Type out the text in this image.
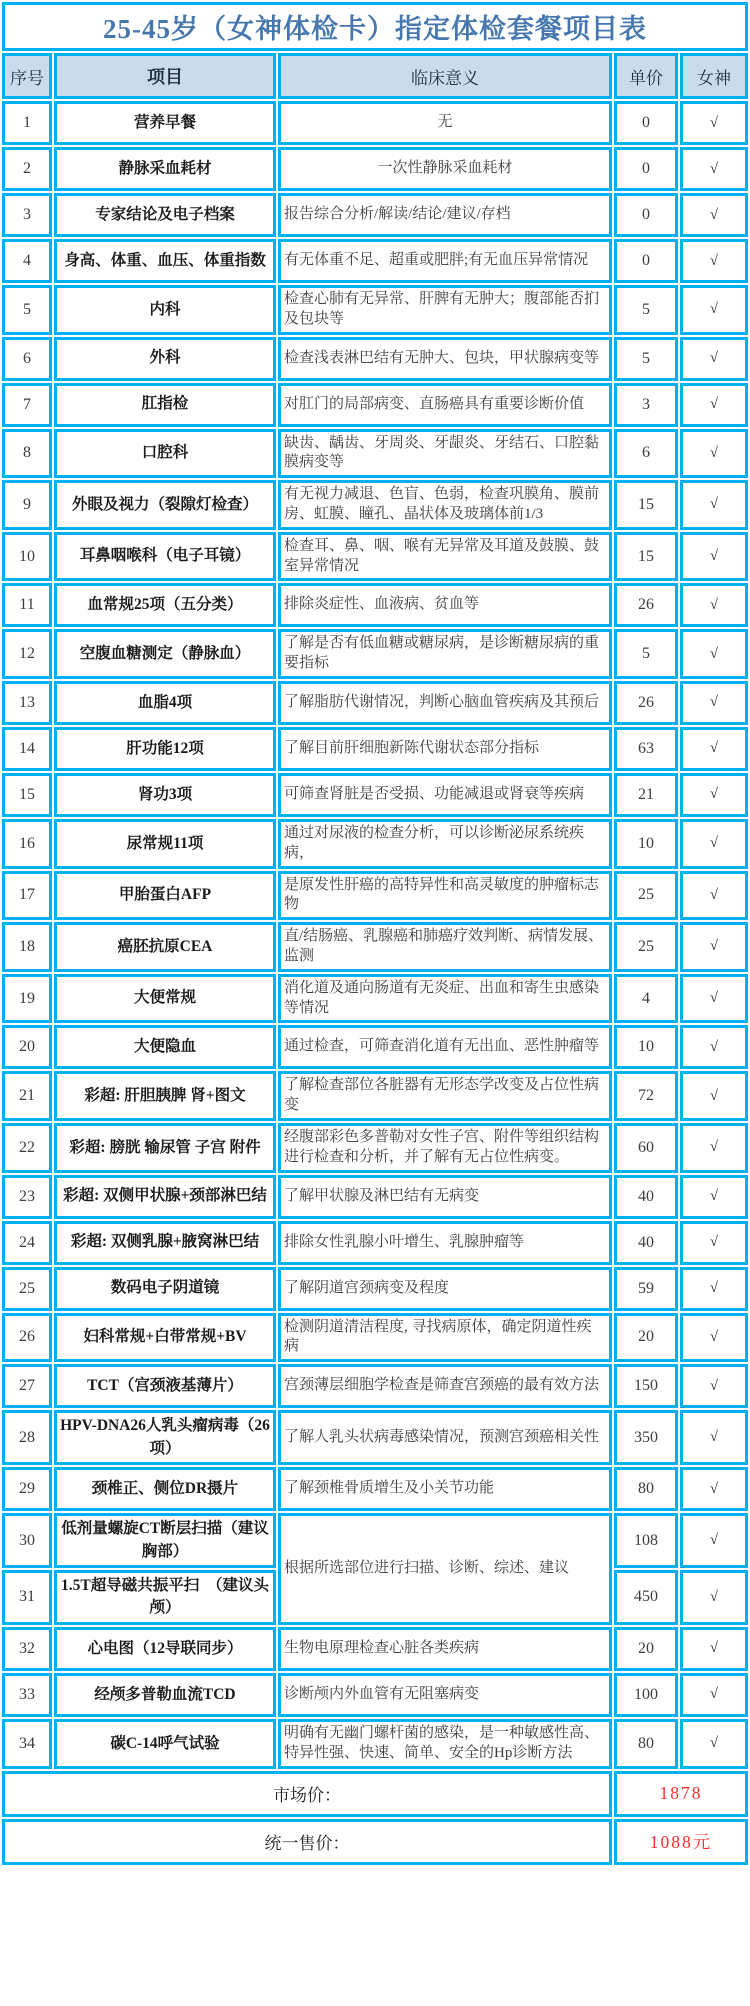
25-45岁（女神体检卡）指定体检套餐项目表				
序号	项目	临床意义	单价	女神
1	营养早餐	无	0	√
2	静脉采血耗材	一次性静脉采血耗材	0	√
3	专家结论及电子档案	报告综合分析/解读/结论/建议/存档	0	√
4	身高、体重、血压、体重指数	有无体重不足、超重或肥胖;有无血压异常情况	0	√
5	内科	检查心肺有无异常、肝脾有无肿大；腹部能否扪及包块等	5	√
6	外科	检查浅表淋巴结有无肿大、包块，甲状腺病变等	5	√
7	肛指检	对肛门的局部病变、直肠癌具有重要诊断价值	3	√
8	口腔科	缺齿、龋齿、牙周炎、牙龈炎、牙结石、口腔黏膜病变等	6	√
9	外眼及视力（裂隙灯检查）	有无视力减退、色盲、色弱，检查巩膜角、膜前房、虹膜、瞳孔、晶状体及玻璃体前1/3	15	√
10	耳鼻咽喉科（电子耳镜）	检查耳、鼻、咽、喉有无异常及耳道及鼓膜、鼓室异常情况	15	√
11	血常规25项（五分类）	排除炎症性、血液病、贫血等	26	√
12	空腹血糖测定（静脉血）	了解是否有低血糖或糖尿病，是诊断糖尿病的重要指标	5	√
13	血脂4项	了解脂肪代谢情况，判断心脑血管疾病及其预后	26	√
14	肝功能12项	了解目前肝细胞新陈代谢状态部分指标	63	√
15	肾功3项	可筛查肾脏是否受损、功能减退或肾衰等疾病	21	√
16	尿常规11项	通过对尿液的检查分析，可以诊断泌尿系统疾病，	10	√
17	甲胎蛋白AFP	是原发性肝癌的高特异性和高灵敏度的肿瘤标志物	25	√
18	癌胚抗原CEA	直/结肠癌、乳腺癌和肺癌疗效判断、病情发展、监测	25	√
19	大便常规	消化道及通向肠道有无炎症、出血和寄生虫感染等情况	4	√
20	大便隐血	通过检查，可筛查消化道有无出血、恶性肿瘤等	10	√
21	彩超: 肝胆胰脾 肾+图文	了解检查部位各脏器有无形态学改变及占位性病变	72	√
22	彩超: 膀胱 输尿管 子宫 附件	经腹部彩色多普勒对女性子宫、附件等组织结构进行检查和分析，并了解有无占位性病变。	60	√
23	彩超: 双侧甲状腺+颈部淋巴结	了解甲状腺及淋巴结有无病变	40	√
24	彩超: 双侧乳腺+腋窝淋巴结	排除女性乳腺小叶增生、乳腺肿瘤等	40	√
25	数码电子阴道镜	了解阴道宫颈病变及程度	59	√
26	妇科常规+白带常规+BV	检测阴道清洁程度, 寻找病原体，确定阴道性疾病	20	√
27	TCT（宫颈液基薄片）	宫颈薄层细胞学检查是筛查宫颈癌的最有效方法	150	√
28	HPV-DNA26人乳头瘤病毒（26项）	了解人乳头状病毒感染情况，预测宫颈癌相关性	350	√
29	颈椎正、侧位DR摄片	了解颈椎骨质增生及小关节功能	80	√
30	低剂量螺旋CT断层扫描（建议胸部）	根据所选部位进行扫描、诊断、综述、建议	108	√
31	1.5T超导磁共振平扫　（建议头颅）		450	√
32	心电图（12导联同步）	生物电原理检查心脏各类疾病	20	√
33	经颅多普勒血流TCD	诊断颅内外血管有无阻塞病变	100	√
34	碳C-14呼气试验	明确有无幽门螺杆菌的感染，是一种敏感性高、特异性强、快速、简单、安全的Hp诊断方法	80	√
市场价：			1878	
统一售价：			1088元	
